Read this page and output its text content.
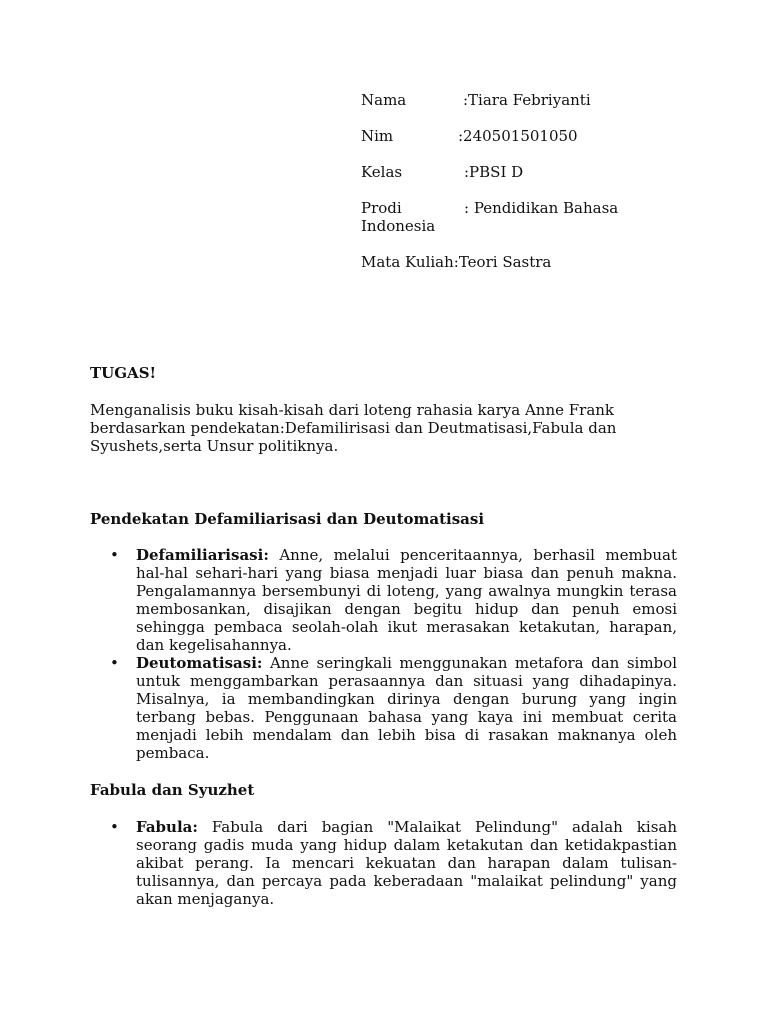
Nama	:Tiara Febriyanti
Nim	:240501501050
Kelas	:PBSI D
Prodi	: Pendidikan Bahasa
Indonesia
Mata Kuliah:Teori Sastra
TUGAS!
Menganalisis buku kisah-kisah dari loteng rahasia karya Anne Frank berdasarkan pendekatan:Defamilirisasi dan Deutmatisasi,Fabula dan Syushets,serta Unsur politiknya.
Pendekatan Defamiliarisasi dan Deutomatisasi
• Defamiliarisasi: Anne, melalui penceritaannya, berhasil membuat hal-hal sehari-hari yang biasa menjadi luar biasa dan penuh makna. Pengalamannya bersembunyi di loteng, yang awalnya mungkin terasa membosankan, disajikan dengan begitu hidup dan penuh emosi sehingga pembaca seolah-olah ikut merasakan ketakutan, harapan, dan kegelisahannya.
• Deutomatisasi: Anne seringkali menggunakan metafora dan simbol untuk menggambarkan perasaannya dan situasi yang dihadapinya. Misalnya, ia membandingkan dirinya dengan burung yang ingin terbang bebas. Penggunaan bahasa yang kaya ini membuat cerita menjadi lebih mendalam dan lebih bisa di rasakan maknanya oleh pembaca.
Fabula dan Syuzhet
• Fabula: Fabula dari bagian "Malaikat Pelindung" adalah kisah seorang gadis muda yang hidup dalam ketakutan dan ketidakpastian akibat perang. Ia mencari kekuatan dan harapan dalam tulisan-tulisannya, dan percaya pada keberadaan "malaikat pelindung" yang akan menjaganya.
